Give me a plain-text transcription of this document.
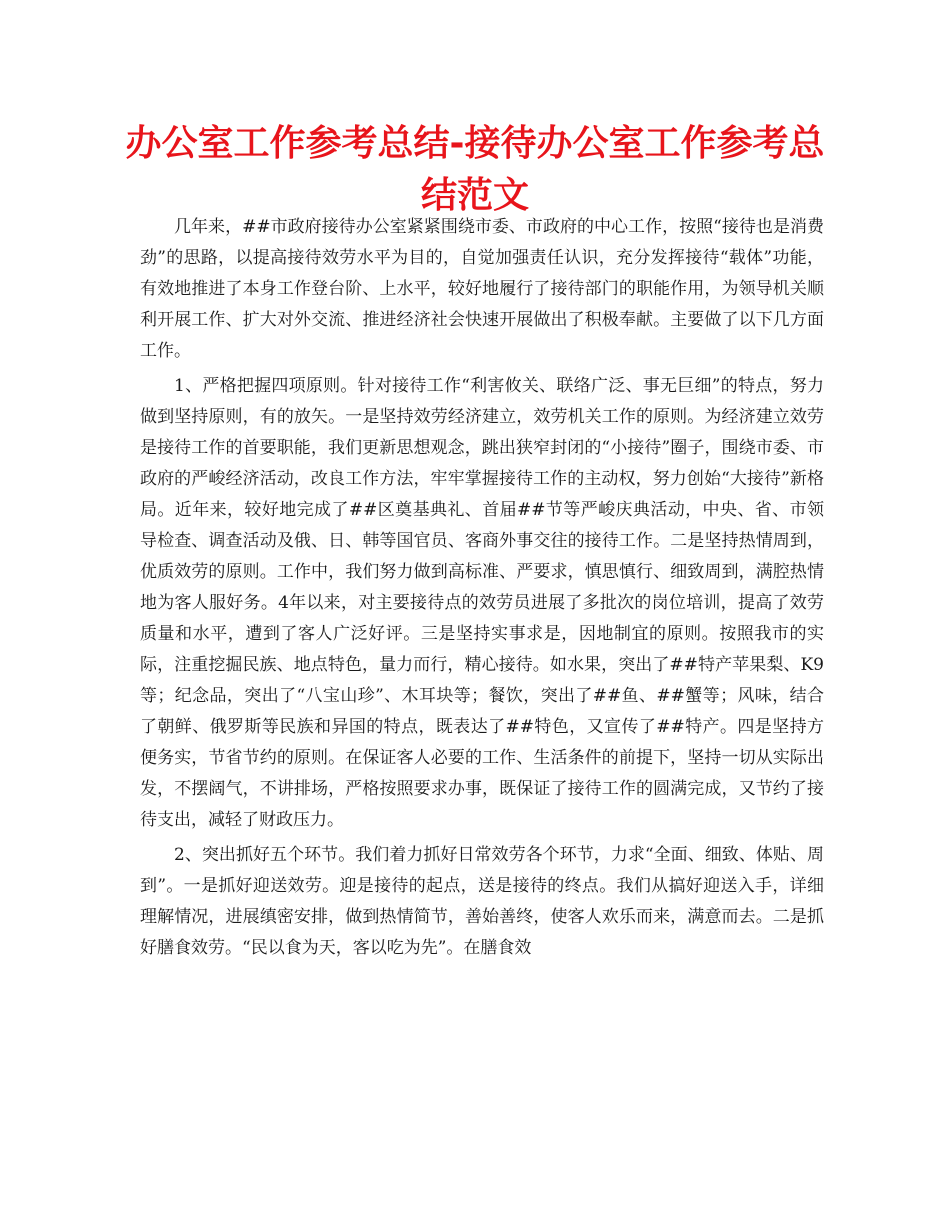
办公室工作参考总结-接待办公室工作参考总结范文

几年来，##市政府接待办公室紧紧围绕市委、市政府的中心工作，按照“接待也是消费劲”的思路，以提高接待效劳水平为目的，自觉加强责任认识，充分发挥接待“载体”功能，有效地推进了本身工作登台阶、上水平，较好地履行了接待部门的职能作用，为领导机关顺利开展工作、扩大对外交流、推进经济社会快速开展做出了积极奉献。主要做了以下几方面工作。

1、严格把握四项原则。针对接待工作“利害攸关、联络广泛、事无巨细”的特点，努力做到坚持原则，有的放矢。一是坚持效劳经济建立，效劳机关工作的原则。为经济建立效劳是接待工作的首要职能，我们更新思想观念，跳出狭窄封闭的“小接待”圈子，围绕市委、市政府的严峻经济活动，改良工作方法，牢牢掌握接待工作的主动权，努力创始“大接待”新格局。近年来，较好地完成了##区奠基典礼、首届##节等严峻庆典活动，中央、省、市领导检查、调查活动及俄、日、韩等国官员、客商外事交往的接待工作。二是坚持热情周到，优质效劳的原则。工作中，我们努力做到高标准、严要求，慎思慎行、细致周到，满腔热情地为客人服好务。4年以来，对主要接待点的效劳员进展了多批次的岗位培训，提高了效劳质量和水平，遭到了客人广泛好评。三是坚持实事求是，因地制宜的原则。按照我市的实际，注重挖掘民族、地点特色，量力而行，精心接待。如水果，突出了##特产苹果梨、K9等；纪念品，突出了“八宝山珍”、木耳块等；餐饮，突出了##鱼、##蟹等；风味，结合了朝鲜、俄罗斯等民族和异国的特点，既表达了##特色，又宣传了##特产。四是坚持方便务实，节省节约的原则。在保证客人必要的工作、生活条件的前提下，坚持一切从实际出发，不摆阔气，不讲排场，严格按照要求办事，既保证了接待工作的圆满完成，又节约了接待支出，减轻了财政压力。

2、突出抓好五个环节。我们着力抓好日常效劳各个环节，力求“全面、细致、体贴、周到”。一是抓好迎送效劳。迎是接待的起点，送是接待的终点。我们从搞好迎送入手，详细理解情况，进展缜密安排，做到热情简节，善始善终，使客人欢乐而来，满意而去。二是抓好膳食效劳。“民以食为天，客以吃为先”。在膳食效
